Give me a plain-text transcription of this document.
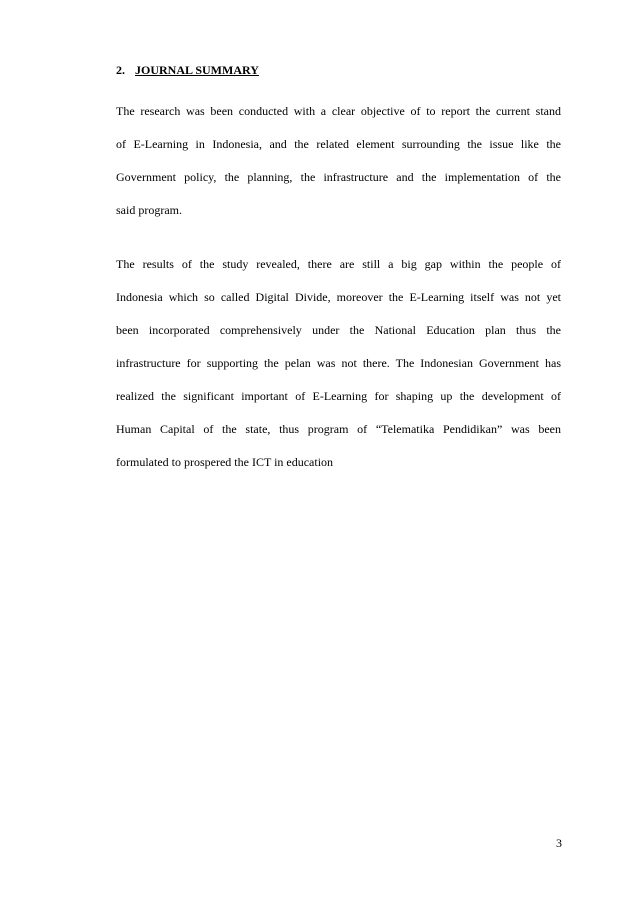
2. JOURNAL SUMMARY
The research was been conducted with a clear objective of to report the current stand
of E-Learning in Indonesia, and the related element surrounding the issue like the
Government policy, the planning, the infrastructure and the implementation of the
said program.
The results of the study revealed, there are still a big gap within the people of
Indonesia which so called Digital Divide, moreover the E-Learning itself was not yet
been incorporated comprehensively under the National Education plan thus the
infrastructure for supporting the pelan was not there. The Indonesian Government has
realized the significant important of E-Learning for shaping up the development of
Human Capital of the state, thus program of “Telematika Pendidikan” was been
formulated to prospered the ICT in education
3
